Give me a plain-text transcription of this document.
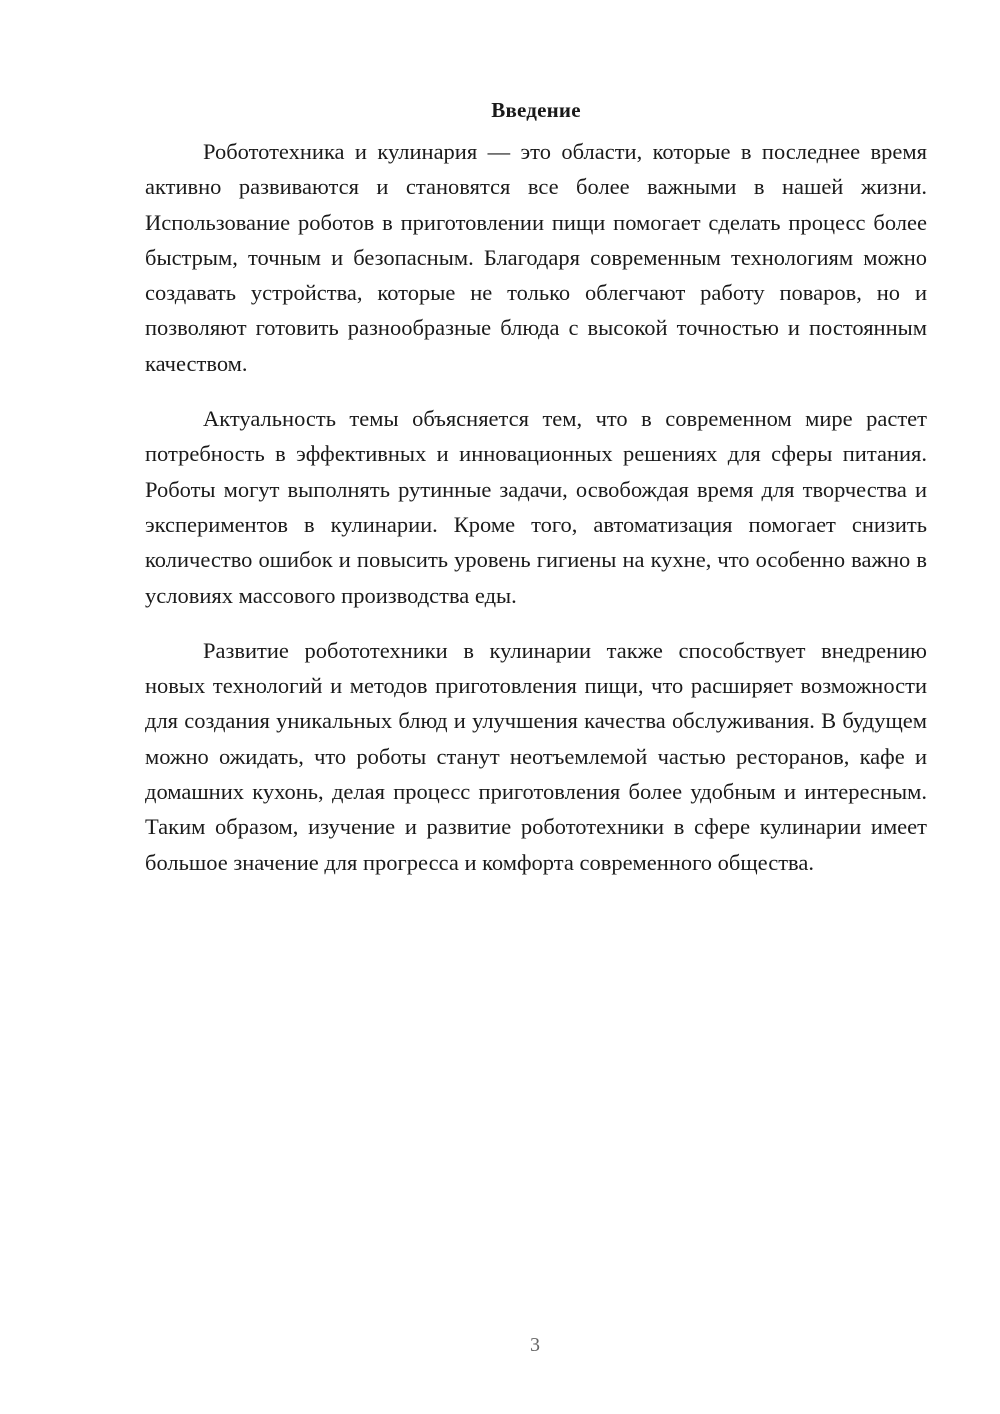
Введение

Робототехника и кулинария — это области, которые в последнее время активно развиваются и становятся все более важными в нашей жизни. Использование роботов в приготовлении пищи помогает сделать процесс более быстрым, точным и безопасным. Благодаря современным технологиям можно создавать устройства, которые не только облегчают работу поваров, но и позволяют готовить разнообразные блюда с высокой точностью и постоянным качеством.

Актуальность темы объясняется тем, что в современном мире растет потребность в эффективных и инновационных решениях для сферы питания. Роботы могут выполнять рутинные задачи, освобождая время для творчества и экспериментов в кулинарии. Кроме того, автоматизация помогает снизить количество ошибок и повысить уровень гигиены на кухне, что особенно важно в условиях массового производства еды.

Развитие робототехники в кулинарии также способствует внедрению новых технологий и методов приготовления пищи, что расширяет возможности для создания уникальных блюд и улучшения качества обслуживания. В будущем можно ожидать, что роботы станут неотъемлемой частью ресторанов, кафе и домашних кухонь, делая процесс приготовления более удобным и интересным. Таким образом, изучение и развитие робототехники в сфере кулинарии имеет большое значение для прогресса и комфорта современного общества.

3
